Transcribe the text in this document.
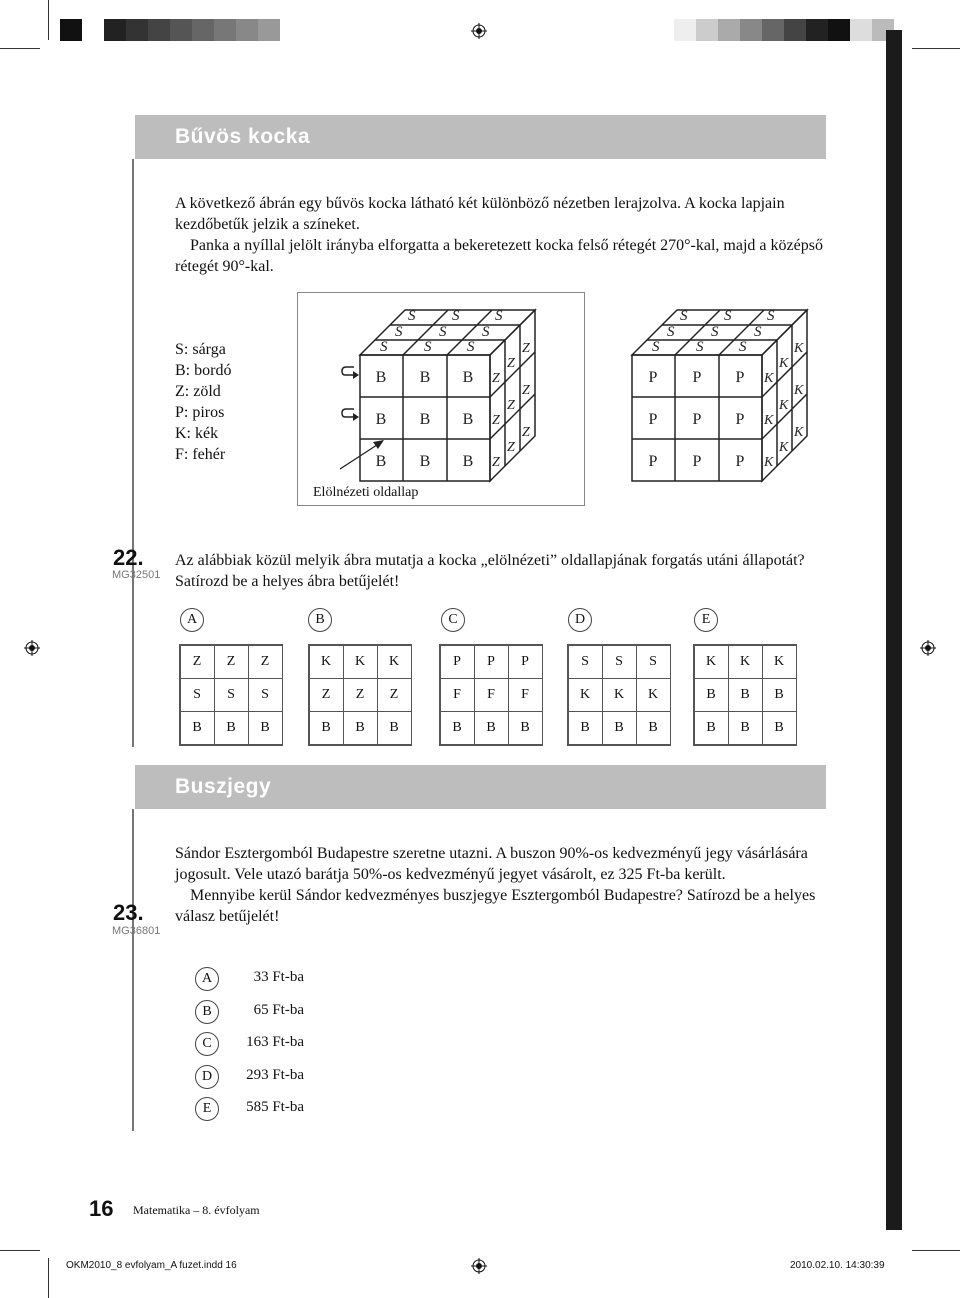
Bűvös kocka

A következő ábrán egy bűvös kocka látható két különböző nézetben lerajzolva. A kocka lapjain kezdőbetűk jelzik a színeket.

Panka a nyíllal jelölt irányba elforgatta a bekeretezett kocka felső rétegét 270°-kal, majd a középső rétegét 90°-kal.

S: sárga
B: bordó
Z: zöld
P: piros
K: kék
F: fehér
S S S
S S S
S S S
B B B
B B B
B B B
Z
Z
Z
Z
Z
Z
Z
Z
Z
Elölnézeti oldallap
S S S
S S S
S S S
P P P
P P P
P P P
K
K
K
K
K
K
K
K
K
22.
MG32501
Az alábbiak közül melyik ábra mutatja a kocka „elölnézeti” oldallapjának forgatás utáni állapotát? Satírozd be a helyes ábra betűjelét!
A	B	C	D	E
Z	Z	Z
S	S	S
B	B	B
K	K	K
Z	Z	Z
B	B	B
P	P	P
F	F	F
B	B	B
S	S	S
K	K	K
B	B	B
K	K	K
B	B	B
B	B	B
Buszjegy
23.
MG36801

Sándor Esztergomból Budapestre szeretne utazni. A buszon 90%-os kedvezményű jegy vásárlására jogosult. Vele utazó barátja 50%-os kedvezményű jegyet vásárolt, ez 325 Ft-ba került.

Mennyibe kerül Sándor kedvezményes buszjegye Esztergomból Budapestre? Satírozd be a helyes válasz betűjelét!

A	33 Ft-ba
B	65 Ft-ba
C	163 Ft-ba
D	293 Ft-ba
E	585 Ft-ba
16 Matematika – 8. évfolyam
OKM2010_8 evfolyam_A fuzet.indd 16	2010.02.10. 14:30:39
